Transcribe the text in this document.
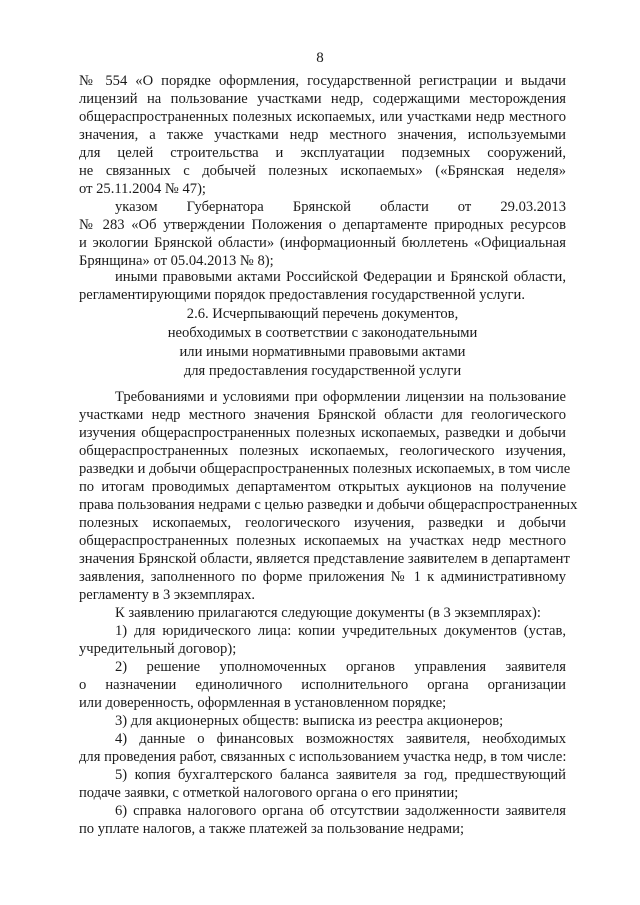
8
№ 554 «О порядке оформления, государственной регистрации и выдачи
лицензий на пользование участками недр, содержащими месторождения
общераспространенных полезных ископаемых, или участками недр местного
значения, а также участками недр местного значения, используемыми
для целей строительства и эксплуатации подземных сооружений,
не связанных с добычей полезных ископаемых» («Брянская неделя»
от 25.11.2004 № 47);
указом Губернатора Брянской области от 29.03.2013
№ 283 «Об утверждении Положения о департаменте природных ресурсов
и экологии Брянской области» (информационный бюллетень «Официальная
Брянщина» от 05.04.2013 № 8);
иными правовыми актами Российской Федерации и Брянской области,
регламентирующими порядок предоставления государственной услуги.
2.6. Исчерпывающий перечень документов,
необходимых в соответствии с законодательными
или иными нормативными правовыми актами
для предоставления государственной услуги
Требованиями и условиями при оформлении лицензии на пользование
участками недр местного значения Брянской области для геологического
изучения общераспространенных полезных ископаемых, разведки и добычи
общераспространенных полезных ископаемых, геологического изучения,
разведки и добычи общераспространенных полезных ископаемых, в том числе
по итогам проводимых департаментом открытых аукционов на получение
права пользования недрами с целью разведки и добычи общераспространенных
полезных ископаемых, геологического изучения, разведки и добычи
общераспространенных полезных ископаемых на участках недр местного
значения Брянской области, является представление заявителем в департамент
заявления, заполненного по форме приложения № 1 к административному
регламенту в 3 экземплярах.
К заявлению прилагаются следующие документы (в 3 экземплярах):
1) для юридического лица: копии учредительных документов (устав,
учредительный договор);
2) решение уполномоченных органов управления заявителя
о назначении единоличного исполнительного органа организации
или доверенность, оформленная в установленном порядке;
3) для акционерных обществ: выписка из реестра акционеров;
4) данные о финансовых возможностях заявителя, необходимых
для проведения работ, связанных с использованием участка недр, в том числе:
5) копия бухгалтерского баланса заявителя за год, предшествующий
подаче заявки, с отметкой налогового органа о его принятии;
6) справка налогового органа об отсутствии задолженности заявителя
по уплате налогов, а также платежей за пользование недрами;
